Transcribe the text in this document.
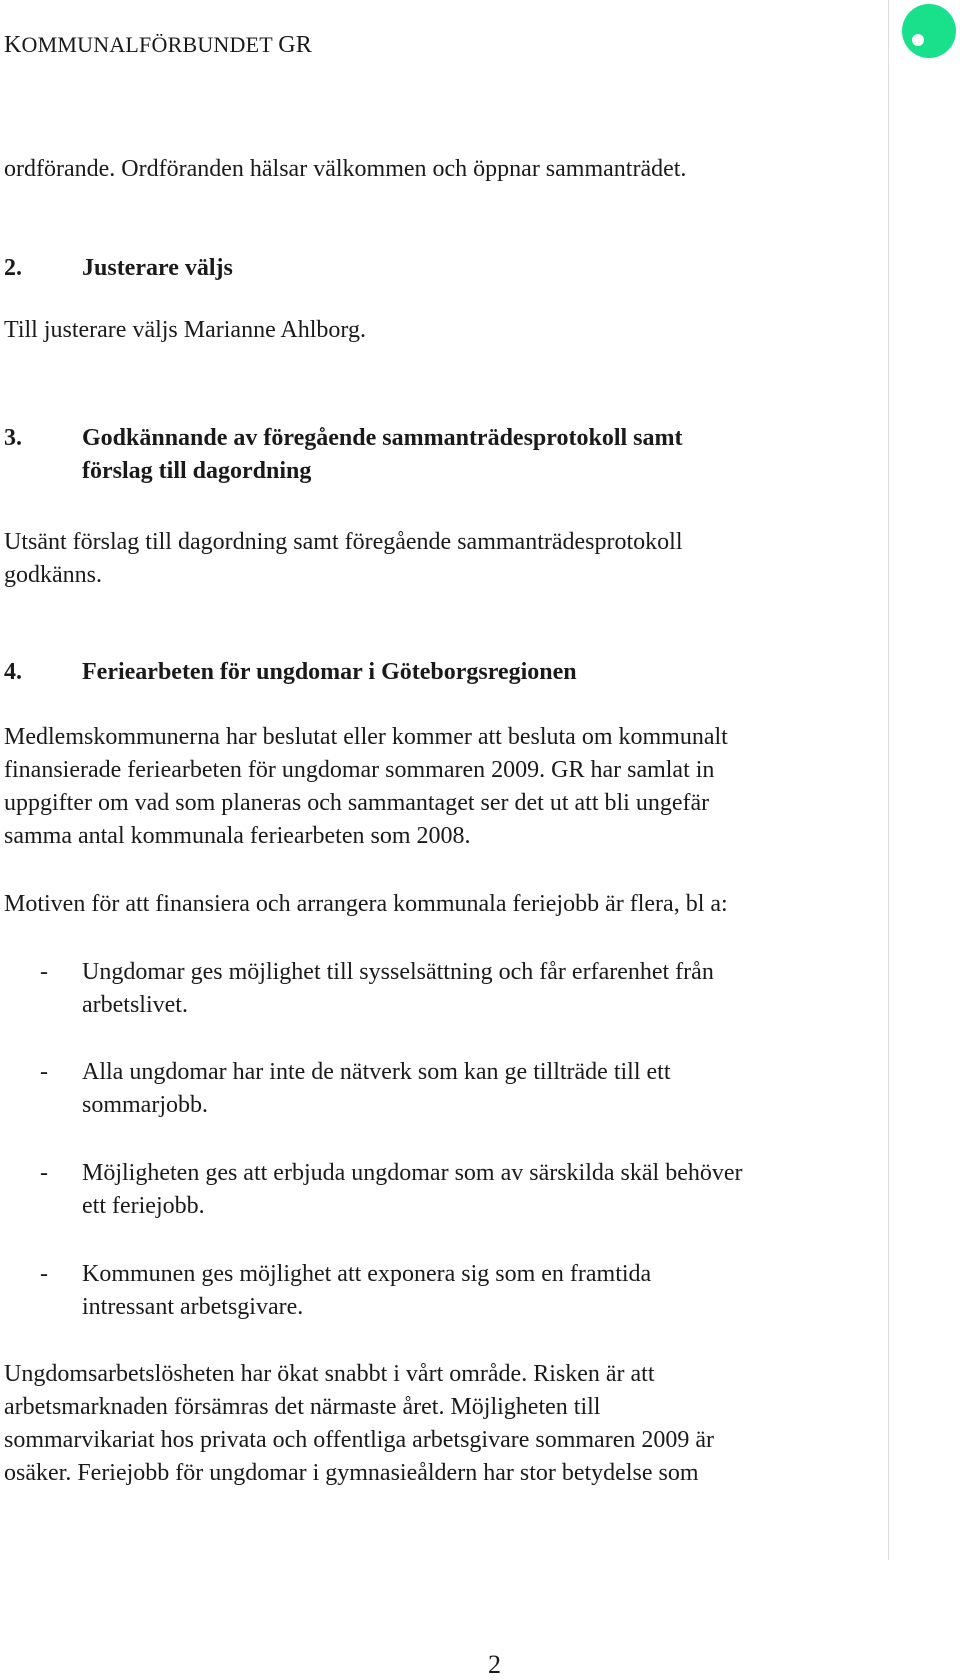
KOMMUNALFÖRBUNDET GR
ordförande. Ordföranden hälsar välkommen och öppnar sammanträdet.
2.	Justerare väljs
Till justerare väljs Marianne Ahlborg.
3.	Godkännande av föregående sammanträdesprotokoll samt
förslag till dagordning
Utsänt förslag till dagordning samt föregående sammanträdesprotokoll
godkänns.
4.	Feriearbeten för ungdomar i Göteborgsregionen
Medlemskommunerna har beslutat eller kommer att besluta om kommunalt
finansierade feriearbeten för ungdomar sommaren 2009. GR har samlat in
uppgifter om vad som planeras och sammantaget ser det ut att bli ungefär
samma antal kommunala feriearbeten som 2008.
Motiven för att finansiera och arrangera kommunala feriejobb är flera, bl a:
- Ungdomar ges möjlighet till sysselsättning och får erfarenhet från
arbetslivet.
- Alla ungdomar har inte de nätverk som kan ge tillträde till ett
sommarjobb.
- Möjligheten ges att erbjuda ungdomar som av särskilda skäl behöver
ett feriejobb.
- Kommunen ges möjlighet att exponera sig som en framtida
intressant arbetsgivare.
Ungdomsarbetslösheten har ökat snabbt i vårt område. Risken är att
arbetsmarknaden försämras det närmaste året. Möjligheten till
sommarvikariat hos privata och offentliga arbetsgivare sommaren 2009 är
osäker. Feriejobb för ungdomar i gymnasieåldern har stor betydelse som
2
